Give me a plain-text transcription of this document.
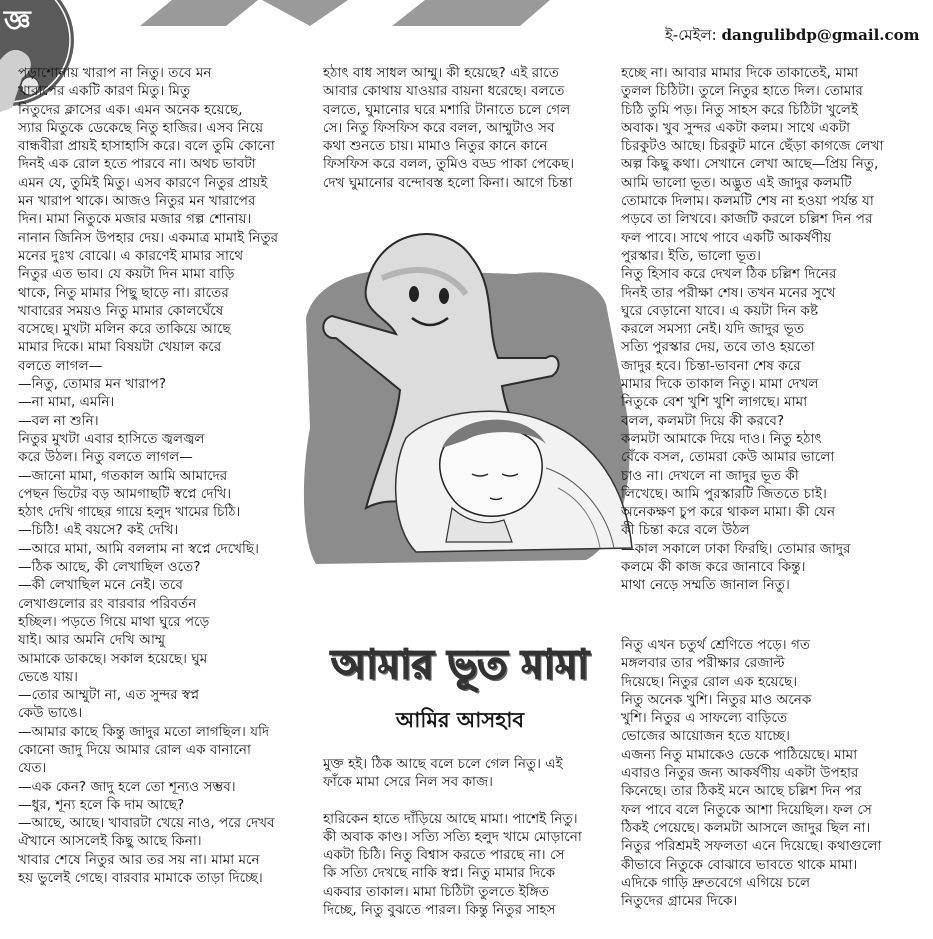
জ্ঞ	ই-মেইল: dangulibdp@gmail.com

পড়াশোনায় খারাপ না নিতু। তবে মন

খারাপের একটি কারণ মিতু। মিতু

নিতুদের ক্লাসের এক। এমন অনেক হয়েছে,

স্যার মিতুকে ডেকেছে নিতু হাজির। এসব নিয়ে

বান্ধবীরা প্রায়ই হাসাহাসি করে। বলে তুমি কোনো

দিনই এক রোল হতে পারবে না। অথচ ভাবটা

এমন যে, তুমিই মিতু। এসব কারণে নিতুর প্রায়ই

মন খারাপ থাকে। আজও নিতুর মন খারাপের

দিন। মামা নিতুকে মজার মজার গল্প শোনায়।

নানান জিনিস উপহার দেয়। একমাত্র মামাই নিতুর

মনের দুঃখ বোঝে। এ কারণেই মামার সাথে

নিতুর এত ভাব। যে কয়টা দিন মামা বাড়ি

থাকে, নিতু মামার পিছু ছাড়ে না। রাতের

খাবারের সময়ও নিতু মামার কোলঘেঁষে

বসেছে। মুখটা মলিন করে তাকিয়ে আছে

মামার দিকে। মামা বিষয়টা খেয়াল করে

বলতে লাগল—

—নিতু, তোমার মন খারাপ?

—না মামা, এমনি।

—বল না শুনি।

নিতুর মুখটা এবার হাসিতে জ্বলজ্বল

করে উঠল। নিতু বলতে লাগল—

—জানো মামা, গতকাল আমি আমাদের

পেছন ভিটের বড় আমগাছটি স্বপ্নে দেখি।

হঠাৎ দেখি গাছের গায়ে হলুদ খামের চিঠি।

—চিঠি! এই বয়সে? কই দেখি।

—আরে মামা, আমি বললাম না স্বপ্নে দেখেছি।

—ঠিক আছে, কী লেখাছিল ওতে?

—কী লেখাছিল মনে নেই। তবে

লেখাগুলোর রং বারবার পরিবর্তন

হচ্ছিল। পড়তে গিয়ে মাথা ঘুরে পড়ে

যাই। আর অমনি দেখি আম্মু

আমাকে ডাকছে। সকাল হয়েছে। ঘুম

ভেঙে যায়।

—তোর আম্মুটা না, এত সুন্দর স্বপ্ন

কেউ ভাঙে।

—আমার কাছে কিন্তু জাদুর মতো লাগছিল। যদি

কোনো জাদু দিয়ে আমার রোল এক বানানো

যেত।

—এক কেন? জাদু হলে তো শূন্যও সম্ভব।

—ধুর, শূন্য হলে কি দাম আছে?

—আছে, আছে। খাবারটা খেয়ে নাও, পরে দেখব

ঐখানে আসলেই কিছু আছে কিনা।

খাবার শেষে নিতুর আর তর সয় না। মামা মনে

হয় ভুলেই গেছে। বারবার মামাকে তাড়া দিচ্ছে।

হঠাৎ বাধ সাধল আম্মু। কী হয়েছে? এই রাতে

আবার কোথায় যাওয়ার বায়না ধরেছে। বলতে

বলতে, ঘুমানোর ঘরে মশারি টানাতে চলে গেল

সে। নিতু ফিসফিস করে বলল, আম্মুটাও সব

কথা শুনতে চায়। মামাও নিতুর কানে কানে

ফিসফিস করে বলল, তুমিও বড্ড পাকা পেকেছ।

দেখ ঘুমানোর বন্দোবস্ত হলো কিনা। আগে চিন্তা

আমার ভূত মামা
আমির আসহাব

মুক্ত হই। ঠিক আছে বলে চলে গেল নিতু। এই

ফাঁকে মামা সেরে নিল সব কাজ।

হারিকেন হাতে দাঁড়িয়ে আছে মামা। পাশেই নিতু।

কী অবাক কাণ্ড। সত্যি সত্যি হলুদ খামে মোড়ানো

একটা চিঠি। নিতু বিশ্বাস করতে পারছে না। সে

কি সত্যি দেখছে নাকি স্বপ্ন। নিতু মামার দিকে

একবার তাকাল। মামা চিঠিটা তুলতে ইঙ্গিত

দিচ্ছে, নিতু বুঝতে পারল। কিন্তু নিতুর সাহস

হচ্ছে না। আবার মামার দিকে তাকাতেই, মামা

তুলল চিঠিটা। তুলে নিতুর হাতে দিল। তোমার

চিঠি তুমি পড়। নিতু সাহস করে চিঠিটা খুলেই

অবাক। খুব সুন্দর একটা কলম। সাথে একটা

চিরকুটও আছে। চিরকুট মানে ছেঁড়া কাগজে লেখা

অল্প কিছু কথা। সেখানে লেখা আছে—প্রিয় নিতু,

আমি ভালো ভূত। অদ্ভুত এই জাদুর কলমটি

তোমাকে দিলাম। কলমটি শেষ না হওয়া পর্যন্ত যা

পড়বে তা লিখবে। কাজটি করলে চল্লিশ দিন পর

ফল পাবে। সাথে পাবে একটি আকর্ষণীয়

পুরস্কার। ইতি, ভালো ভূত।

নিতু হিসাব করে দেখল ঠিক চল্লিশ দিনের

দিনই তার পরীক্ষা শেষ। তখন মনের সুখে

ঘুরে বেড়ানো যাবে। এ কয়টা দিন কষ্ট

করলে সমস্যা নেই। যদি জাদুর ভূত

সত্যি পুরস্কার দেয়, তবে তাও হয়তো

জাদুর হবে। চিন্তা-ভাবনা শেষ করে

মামার দিকে তাকাল নিতু। মামা দেখল

নিতুকে বেশ খুশি খুশি লাগছে। মামা

বলল, কলমটা দিয়ে কী করবে?

কলমটা আমাকে দিয়ে দাও। নিতু হঠাৎ

বেঁকে বসল, তোমরা কেউ আমার ভালো

চাও না। দেখলে না জাদুর ভূত কী

লিখেছে। আমি পুরস্কারটি জিততে চাই।

অনেকক্ষণ চুপ করে থাকল মামা। কী যেন

কী চিন্তা করে বলে উঠল

—কাল সকালে ঢাকা ফিরছি। তোমার জাদুর

কলমে কী কাজ করে জানাবে কিন্তু।

মাথা নেড়ে সম্মতি জানাল নিতু।

নিতু এখন চতুর্থ শ্রেণিতে পড়ে। গত

মঙ্গলবার তার পরীক্ষার রেজাল্ট

দিয়েছে। নিতুর রোল এক হয়েছে।

নিতু অনেক খুশি। নিতুর মাও অনেক

খুশি। নিতুর এ সাফল্যে বাড়িতে

ভোজের আয়োজন হতে যাচ্ছে।

এজন্য নিতু মামাকেও ডেকে পাঠিয়েছে। মামা

এবারও নিতুর জন্য আকর্ষণীয় একটা উপহার

কিনেছে। তার ঠিকই মনে আছে চল্লিশ দিন পর

ফল পাবে বলে নিতুকে আশা দিয়েছিল। ফল সে

ঠিকই পেয়েছে। কলমটা আসলে জাদুর ছিল না।

নিতুর পরিশ্রমই সফলতা এনে দিয়েছে। কথাগুলো

কীভাবে নিতুকে বোঝাবে ভাবতে থাকে মামা।

এদিকে গাড়ি দ্রুতবেগে এগিয়ে চলে

নিতুদের গ্রামের দিকে।
